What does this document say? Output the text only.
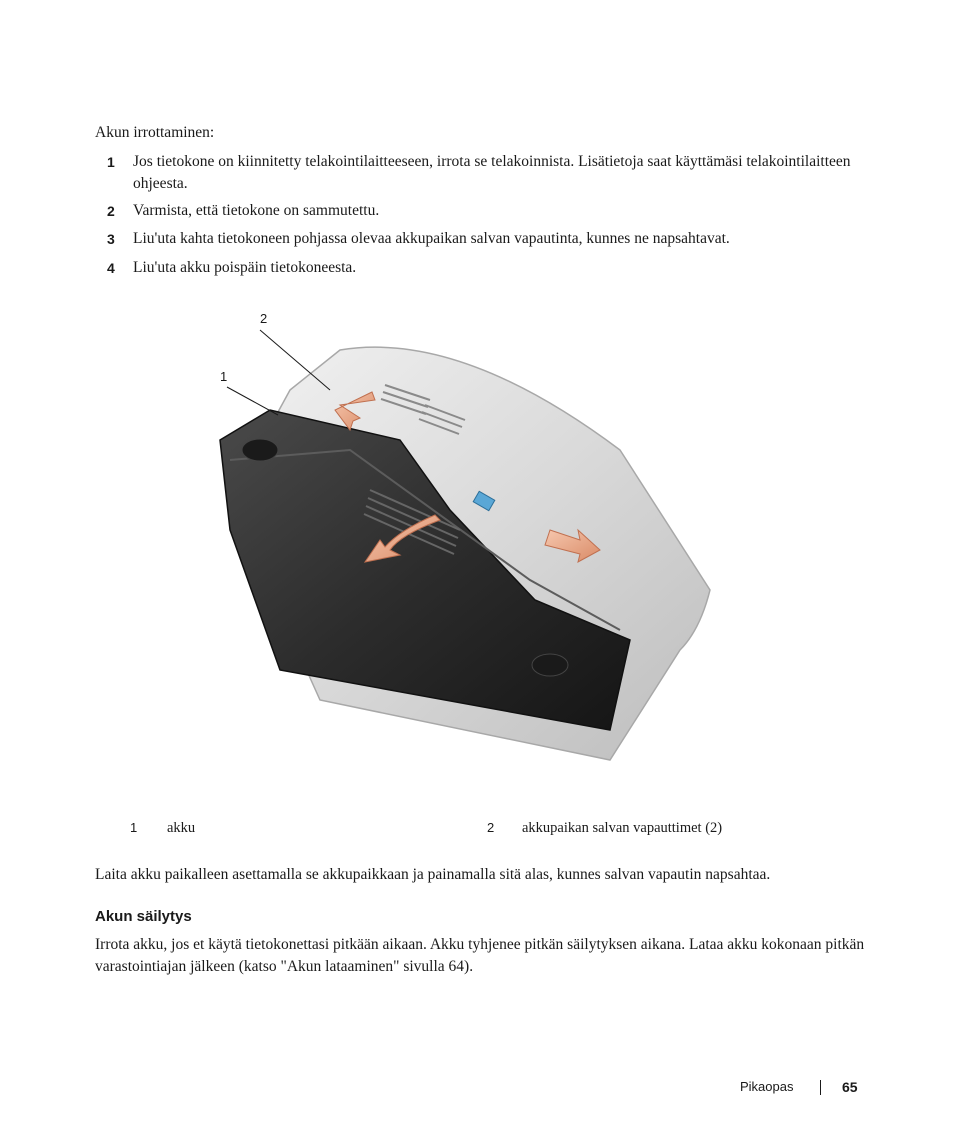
Akun irrottaminen:
1 Jos tietokone on kiinnitetty telakointilaitteeseen, irrota se telakoinnista. Lisätietoja saat käyttämäsi telakointilaitteen ohjeesta.
2 Varmista, että tietokone on sammutettu.
3 Liu'uta kahta tietokoneen pohjassa olevaa akkupaikan salvan vapautinta, kunnes ne napsahtavat.
4 Liu'uta akku poispäin tietokoneesta.
1
2
1 akku	2 akkupaikan salvan vapauttimet (2)
Laita akku paikalleen asettamalla se akkupaikkaan ja painamalla sitä alas, kunnes salvan vapautin napsahtaa.
Akun säilytys
Irrota akku, jos et käytä tietokonettasi pitkään aikaan. Akku tyhjenee pitkän säilytyksen aikana. Lataa akku kokonaan pitkän varastointiajan jälkeen (katso "Akun lataaminen" sivulla 64).
Pikaopas	65
